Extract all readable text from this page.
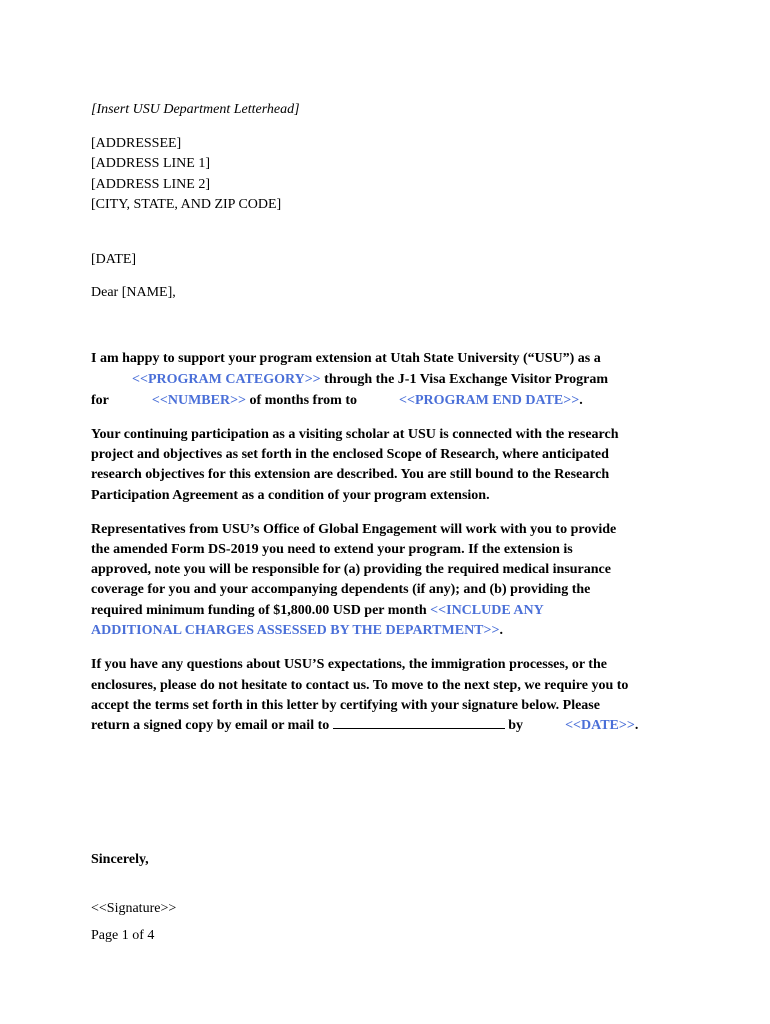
[Insert USU Department Letterhead]
[ADDRESSEE]
[ADDRESS LINE 1]
[ADDRESS LINE 2]
[CITY, STATE, AND ZIP CODE]
[DATE]
Dear [NAME],
I am happy to support your program extension at Utah State University (“USU”) as a
<<PROGRAM CATEGORY>> through the J-1 Visa Exchange Visitor Program
for	<<NUMBER>> of months from to	<<PROGRAM END DATE>>.
Your continuing participation as a visiting scholar at USU is connected with the research
project and objectives as set forth in the enclosed Scope of Research, where anticipated
research objectives for this extension are described. You are still bound to the Research
Participation Agreement as a condition of your program extension.
Representatives from USU’s Office of Global Engagement will work with you to provide
the amended Form DS-2019 you need to extend your program. If the extension is
approved, note you will be responsible for (a) providing the required medical insurance
coverage for you and your accompanying dependents (if any); and (b) providing the
required minimum funding of $1,800.00 USD per month <<INCLUDE ANY
ADDITIONAL CHARGES ASSESSED BY THE DEPARTMENT>>.
If you have any questions about USU’S expectations, the immigration processes, or the
enclosures, please do not hesitate to contact us. To move to the next step, we require you to
accept the terms set forth in this letter by certifying with your signature below. Please
return a signed copy by email or mail to	by	<<DATE>>.
Sincerely,
<<Signature>>
Page 1 of 4
